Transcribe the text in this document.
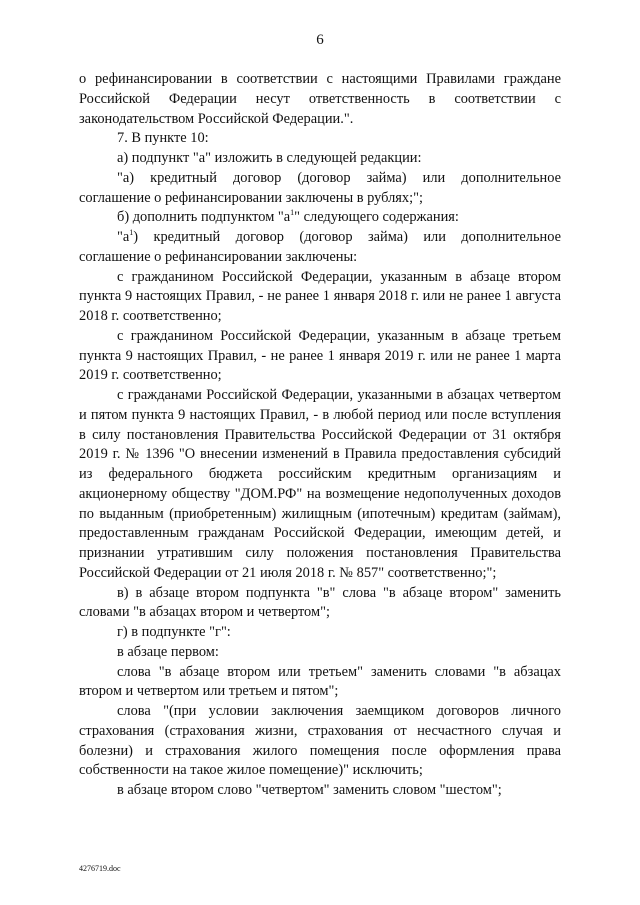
6

о рефинансировании в соответствии с настоящими Правилами граждане Российской Федерации несут ответственность в соответствии с законодательством Российской Федерации.".

7. В пункте 10:

а) подпункт "а" изложить в следующей редакции:

"а) кредитный договор (договор займа) или дополнительное соглашение о рефинансировании заключены в рублях;";

б) дополнить подпунктом "$а^1$" следующего содержания:

"$а^1$) кредитный договор (договор займа) или дополнительное соглашение о рефинансировании заключены:

с гражданином Российской Федерации, указанным в абзаце втором пункта 9 настоящих Правил, - не ранее 1 января 2018 г. или не ранее 1 августа 2018 г. соответственно;

с гражданином Российской Федерации, указанным в абзаце третьем пункта 9 настоящих Правил, - не ранее 1 января 2019 г. или не ранее 1 марта 2019 г. соответственно;

с гражданами Российской Федерации, указанными в абзацах четвертом и пятом пункта 9 настоящих Правил, - в любой период или после вступления в силу постановления Правительства Российской Федерации от 31 октября 2019 г. № 1396 "О внесении изменений в Правила предоставления субсидий из федерального бюджета российским кредитным организациям и акционерному обществу "ДОМ.РФ" на возмещение недополученных доходов по выданным (приобретенным) жилищным (ипотечным) кредитам (займам), предоставленным гражданам Российской Федерации, имеющим детей, и признании утратившим силу положения постановления Правительства Российской Федерации от 21 июля 2018 г. № 857" соответственно;";

в) в абзаце втором подпункта "в" слова "в абзаце втором" заменить словами "в абзацах втором и четвертом";

г) в подпункте "г":

в абзаце первом:

слова "в абзаце втором или третьем" заменить словами "в абзацах втором и четвертом или третьем и пятом";

слова "(при условии заключения заемщиком договоров личного страхования (страхования жизни, страхования от несчастного случая и болезни) и страхования жилого помещения после оформления права собственности на такое жилое помещение)" исключить;

в абзаце втором слово "четвертом" заменить словом "шестом";

4276719.doc
